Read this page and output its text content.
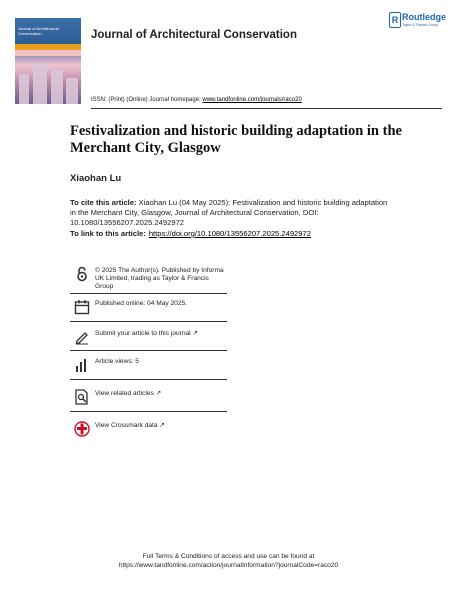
Journal of Architectural Conservation	Journal of Architectural Conservation
R Routledge
Taylor & Francis Group
ISSN: (Print) (Online) Journal homepage: www.tandfonline.com/journals/raco20
Festivalization and historic building adaptation in the Merchant City, Glasgow
Xiaohan Lu
To cite this article: Xiaohan Lu (04 May 2025): Festivalization and historic building adaptation in the Merchant City, Glasgow, Journal of Architectural Conservation, DOI: 10.1080/13556207.2025.2492972
To link to this article: https://doi.org/10.1080/13556207.2025.2492972
© 2025 The Author(s). Published by Informa UK Limited, trading as Taylor & Francis Group
Published online: 04 May 2025.
Submit your article to this journal ↗
Article views: 5
View related articles ↗
View Crossmark data ↗
Full Terms & Conditions of access and use can be found at
https://www.tandfonline.com/action/journalInformation?journalCode=raco20
